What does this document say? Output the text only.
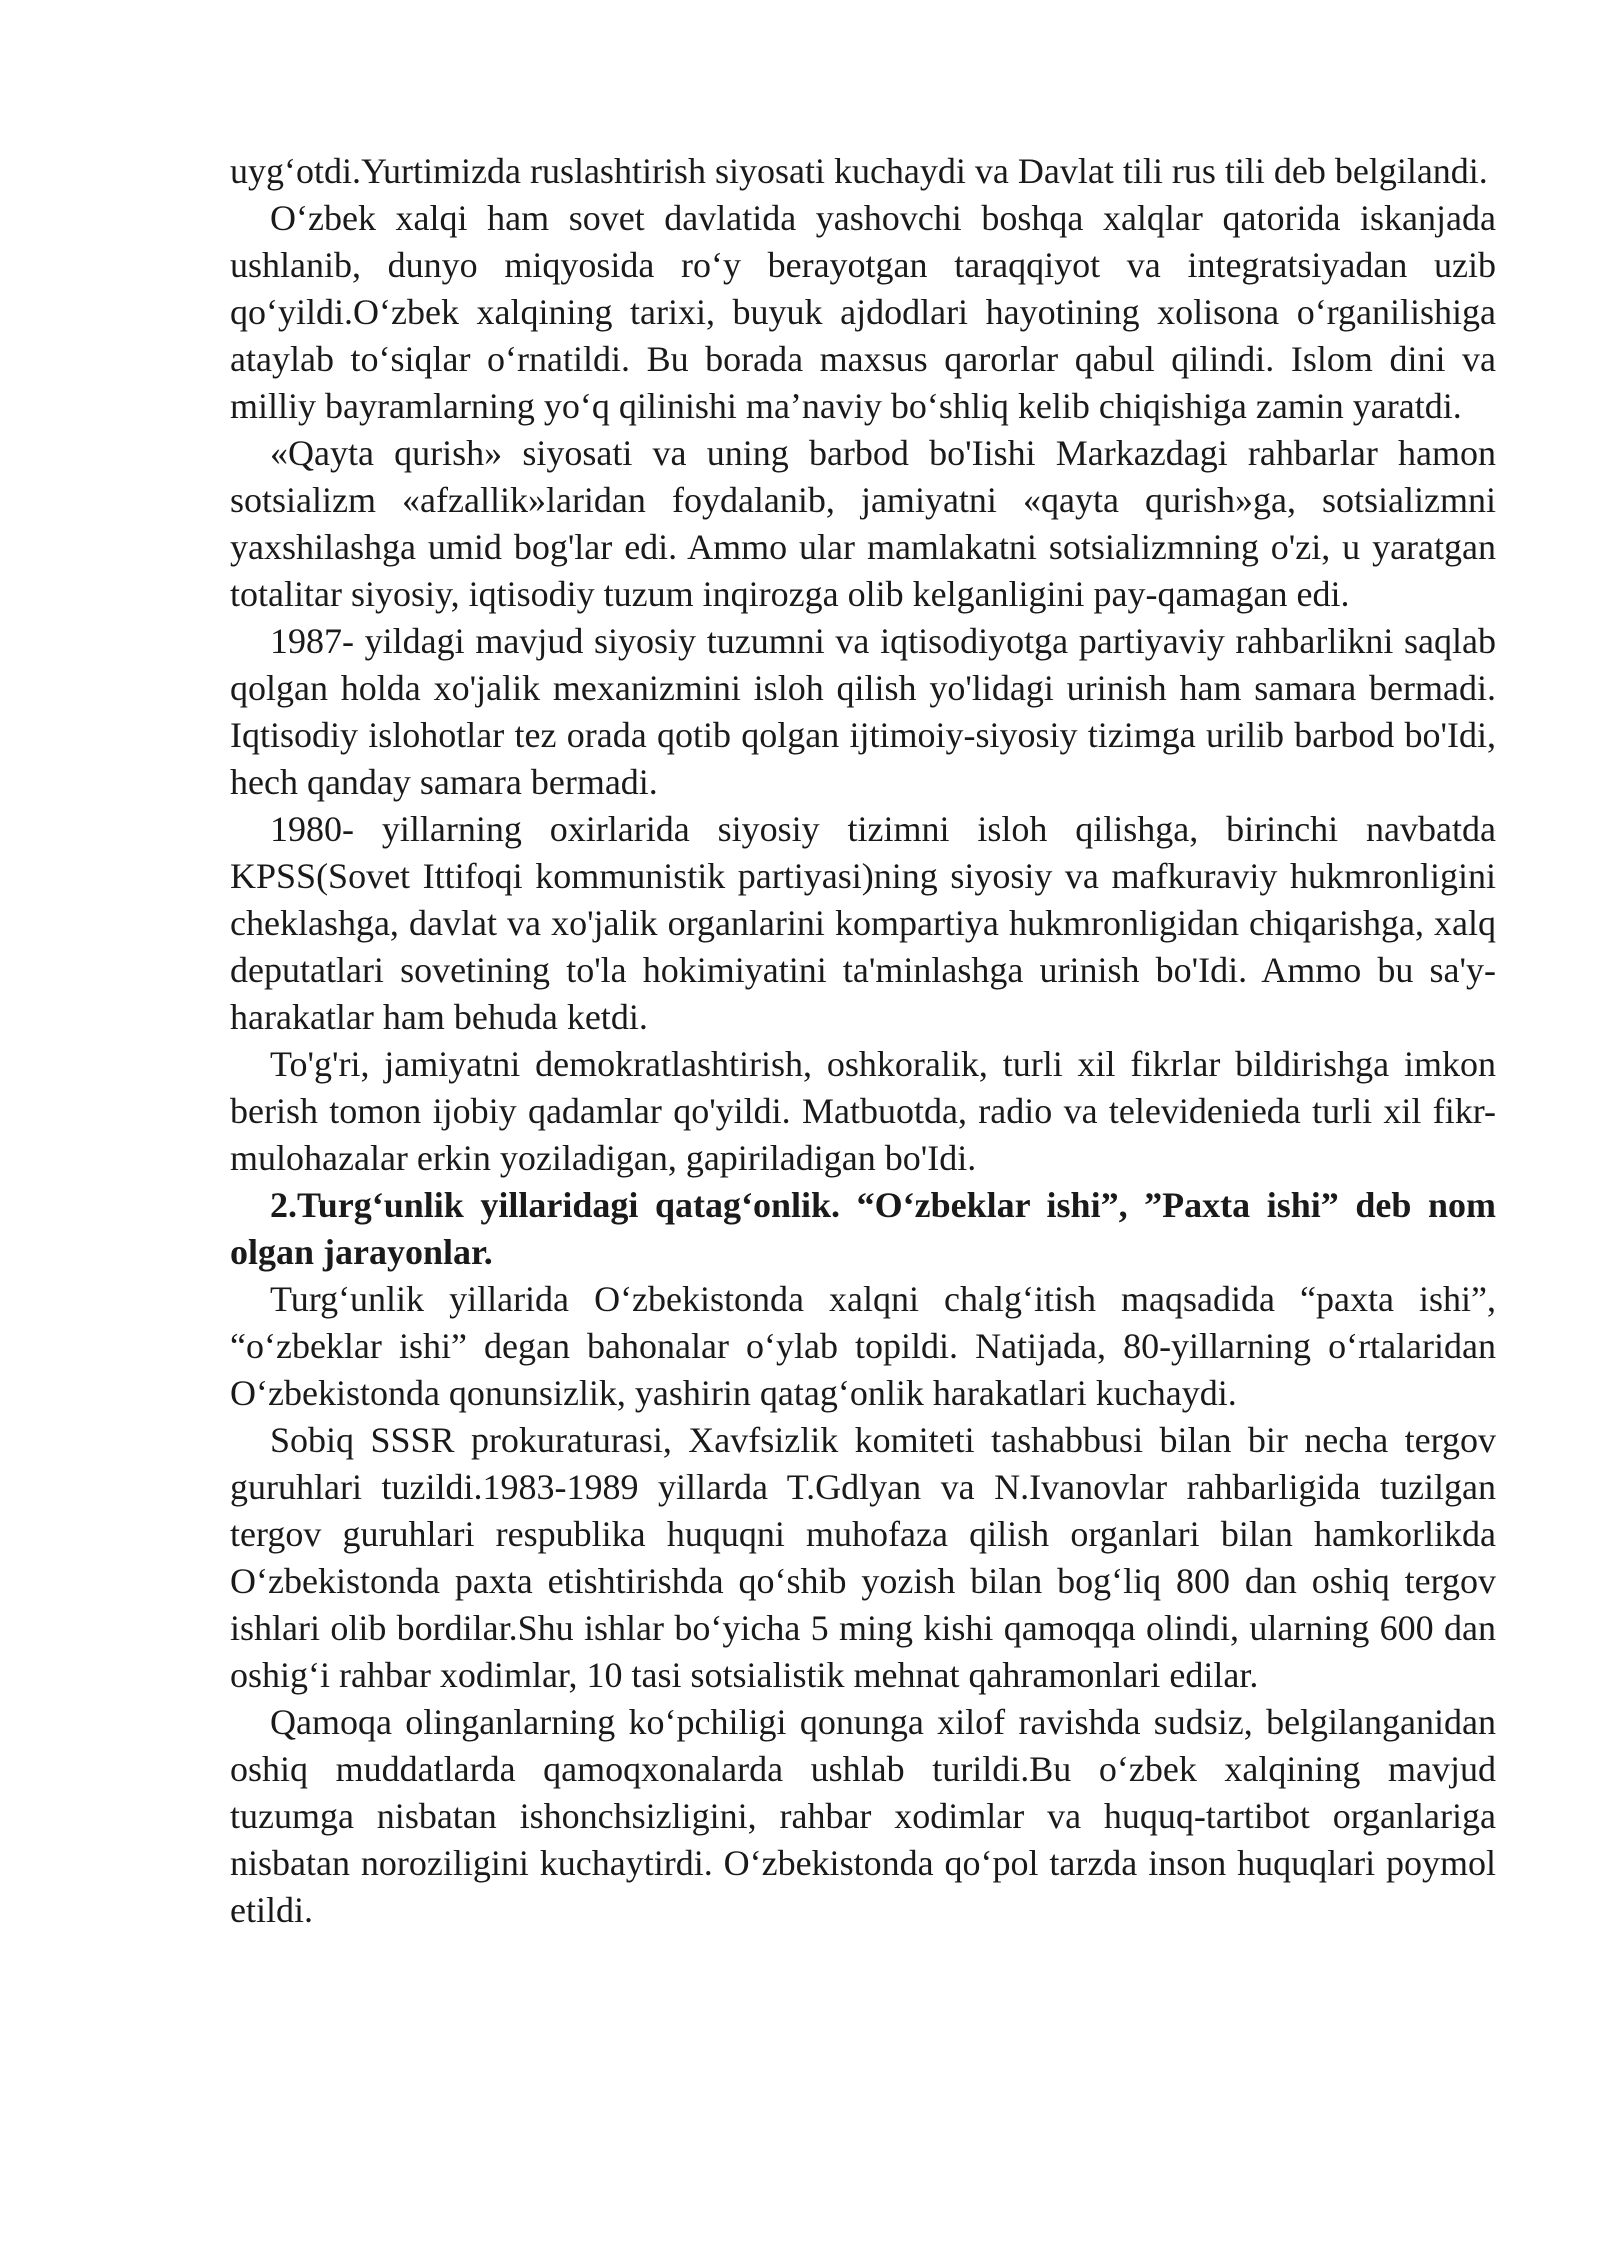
uygʻotdi.Yurtimizda ruslashtirish siyosati kuchaydi va Davlat tili rus tili deb belgilandi.

Oʻzbek xalqi ham sovet davlatida yashovchi boshqa xalqlar qatorida iskanjada ushlanib, dunyo miqyosida roʻy berayotgan taraqqiyot va integratsiyadan uzib qoʻyildi.Oʻzbek xalqining tarixi, buyuk ajdodlari hayotining xolisona oʻrganilishiga ataylab toʻsiqlar oʻrnatildi. Bu borada maxsus qarorlar qabul qilindi. Islom dini va milliy bayramlarning yoʻq qilinishi maʼnaviy boʻshliq kelib chiqishiga zamin yaratdi.

«Qayta qurish» siyosati va uning barbod bo'Iishi Markazdagi rahbarlar hamon sotsializm «afzallik»laridan foydalanib, jamiyatni «qayta qurish»ga, sotsializmni yaxshilashga umid bog'lar edi. Ammo ular mamlakatni sotsializmning o'zi, u yaratgan totalitar siyosiy, iqtisodiy tuzum inqirozga olib kelganligini pay-qamagan edi.

1987- yildagi mavjud siyosiy tuzumni va iqtisodiyotga partiyaviy rahbarlikni saqlab qolgan holda xo'jalik mexanizmini isloh qilish yo'lidagi urinish ham samara bermadi. Iqtisodiy islohotlar tez orada qotib qolgan ijtimoiy-siyosiy tizimga urilib barbod bo'Idi, hech qanday samara bermadi.

1980- yillarning oxirlarida siyosiy tizimni isloh qilishga, birinchi navbatda KPSS(Sovet Ittifoqi kommunistik partiyasi)ning siyosiy va mafkuraviy hukmronligini cheklashga, davlat va xo'jalik organlarini kompartiya hukmronligidan chiqarishga, xalq deputatlari sovetining to'la hokimiyatini ta'minlashga urinish bo'Idi. Ammo bu sa'y-harakatlar ham behuda ketdi.

To'g'ri, jamiyatni demokratlashtirish, oshkoralik, turli xil fikrlar bildirishga imkon berish tomon ijobiy qadamlar qo'yildi. Matbuotda, radio va televidenieda turli xil fikr-mulohazalar erkin yoziladigan, gapiriladigan bo'Idi.

2.Turgʻunlik yillaridagi qatagʻonlik. “Oʻzbeklar ishi”, ”Paxta ishi” deb nom olgan jarayonlar.

Turgʻunlik yillarida Oʻzbekistonda xalqni chalgʻitish maqsadida “paxta ishi”, “oʻzbeklar ishi” degan bahonalar oʻylab topildi. Natijada, 80-yillarning oʻrtalaridan Oʻzbekistonda qonunsizlik, yashirin qatagʻonlik harakatlari kuchaydi.

Sobiq SSSR prokuraturasi, Xavfsizlik komiteti tashabbusi bilan bir necha tergov guruhlari tuzildi.1983-1989 yillarda T.Gdlyan va N.Ivanovlar rahbarligida tuzilgan tergov guruhlari respublika huquqni muhofaza qilish organlari bilan hamkorlikda Oʻzbekistonda paxta etishtirishda qoʻshib yozish bilan bogʻliq 800 dan oshiq tergov ishlari olib bordilar.Shu ishlar boʻyicha 5 ming kishi qamoqqa olindi, ularning 600 dan oshigʻi rahbar xodimlar, 10 tasi sotsialistik mehnat qahramonlari edilar.

Qamoqa olinganlarning koʻpchiligi qonunga xilof ravishda sudsiz, belgilanganidan oshiq muddatlarda qamoqxonalarda ushlab turildi.Bu oʻzbek xalqining mavjud tuzumga nisbatan ishonchsizligini, rahbar xodimlar va huquq-tartibot organlariga nisbatan noroziligini kuchaytirdi. Oʻzbekistonda qoʻpol tarzda inson huquqlari poymol etildi.
